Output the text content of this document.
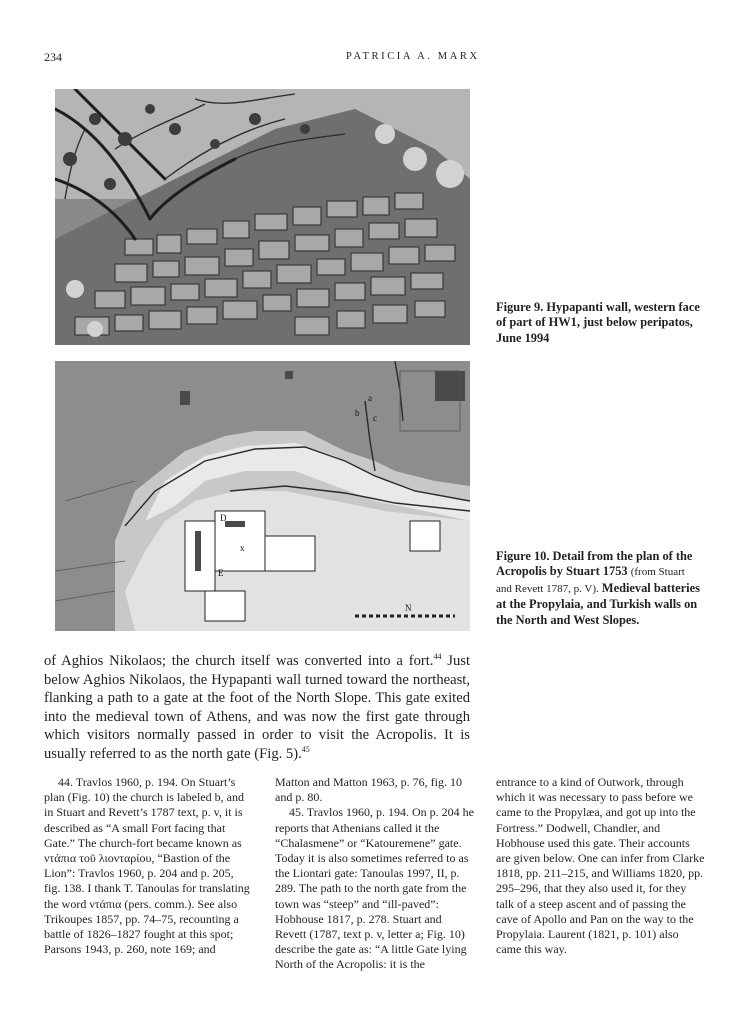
234	PATRICIA A. MARX
D
E
N
b c
a
x
Figure 9. Hypapanti wall, western face of part of HW1, just below peripatos, June 1994
Figure 10. Detail from the plan of the Acropolis by Stuart 1753 (from Stuart and Revett 1787, p. V). Medieval batteries at the Propylaia, and Turkish walls on the North and West Slopes.

of Aghios Nikolaos; the church itself was converted into a fort.$^{44}$ Just below Aghios Nikolaos, the Hypapanti wall turned toward the northeast, flanking a path to a gate at the foot of the North Slope. This gate exited into the medieval town of Athens, and was now the first gate through which visitors normally passed in order to visit the Acropolis. It is usually referred to as the north gate (Fig. 5).$^{45}$

44. Travlos 1960, p. 194. On Stuart’s plan (Fig. 10) the church is labeled b, and in Stuart and Revett’s 1787 text, p. v, it is described as “A small Fort facing that Gate.” The church-fort became known as ντάπια τοῦ λιονταρίου, “Bastion of the Lion”: Travlos 1960, p. 204 and p. 205, fig. 138. I thank T. Tanoulas for translating the word ντάπια (pers. comm.). See also Trikoupes 1857, pp. 74–75, recounting a battle of 1826–1827 fought at this spot; Parsons 1943, p. 260, note 169; and

Matton and Matton 1963, p. 76, fig. 10 and p. 80.

45. Travlos 1960, p. 194. On p. 204 he reports that Athenians called it the “Chalasmene” or “Katouremene” gate. Today it is also sometimes referred to as the Liontari gate: Tanoulas 1997, II, p. 289. The path to the north gate from the town was “steep” and “ill-paved”: Hobhouse 1817, p. 278. Stuart and Revett (1787, text p. v, letter a; Fig. 10) describe the gate as: “A little Gate lying North of the Acropolis: it is the

entrance to a kind of Outwork, through which it was necessary to pass before we came to the Propylæa, and got up into the Fortress.” Dodwell, Chandler, and Hobhouse used this gate. Their accounts are given below. One can infer from Clarke 1818, pp. 211–215, and Williams 1820, pp. 295–296, that they also used it, for they talk of a steep ascent and of passing the cave of Apollo and Pan on the way to the Propylaia. Laurent (1821, p. 101) also came this way.
